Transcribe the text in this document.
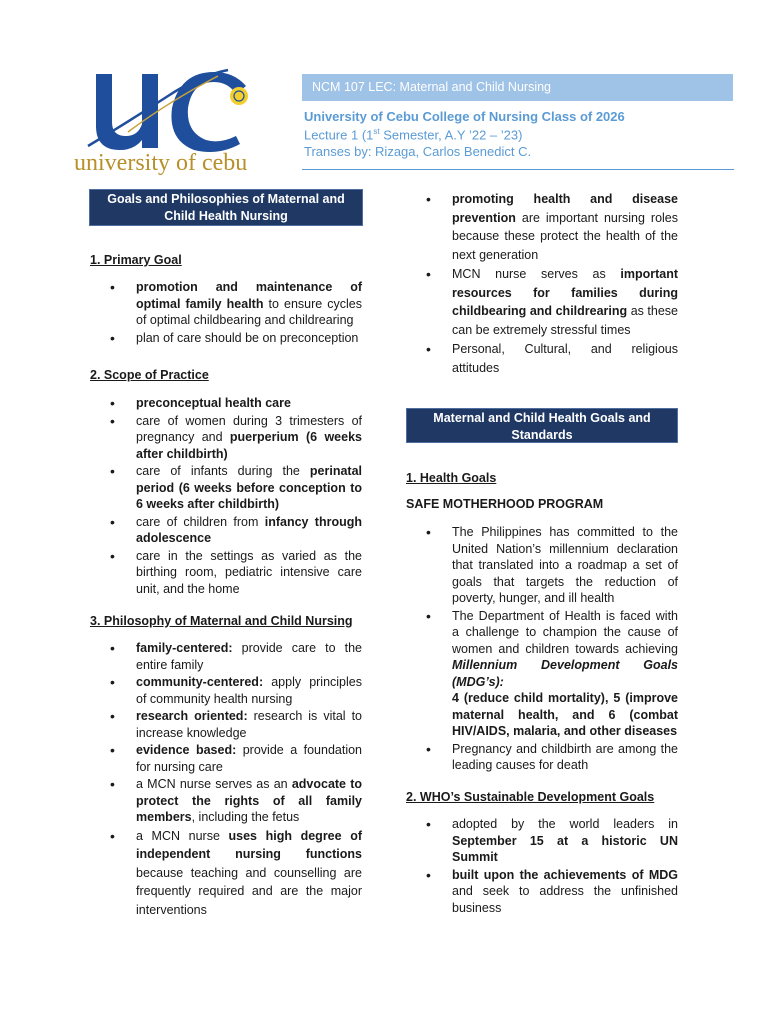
university of cebu
NCM 107 LEC: Maternal and Child Nursing
University of Cebu College of Nursing Class of 2026
Lecture 1 (1st Semester, A.Y ’22 – ’23)
Transes by: Rizaga, Carlos Benedict C.
Goals and Philosophies of Maternal and Child Health Nursing
1. Primary Goal
• promotion and maintenance of optimal family health to ensure cycles of optimal childbearing and childrearing
• plan of care should be on preconception
2. Scope of Practice
• preconceptual health care
• care of women during 3 trimesters of pregnancy and puerperium (6 weeks after childbirth)
• care of infants during the perinatal period (6 weeks before conception to 6 weeks after childbirth)
• care of children from infancy through adolescence
• care in the settings as varied as the birthing room, pediatric intensive care unit, and the home
3. Philosophy of Maternal and Child Nursing
• family-centered: provide care to the entire family
• community-centered: apply principles of community health nursing
• research oriented: research is vital to increase knowledge
• evidence based: provide a foundation for nursing care
• a MCN nurse serves as an advocate to protect the rights of all family members, including the fetus
• a MCN nurse uses high degree of independent nursing functions because teaching and counselling are frequently required and are the major interventions
• promoting health and disease prevention are important nursing roles because these protect the health of the next generation
• MCN nurse serves as important resources for families during childbearing and childrearing as these can be extremely stressful times
• Personal, Cultural, and religious attitudes
Maternal and Child Health Goals and Standards
1. Health Goals
SAFE MOTHERHOOD PROGRAM
• The Philippines has committed to the United Nation’s millennium declaration that translated into a roadmap a set of goals that targets the reduction of poverty, hunger, and ill health
• The Department of Health is faced with a challenge to champion the cause of women and children towards achieving Millennium Development Goals (MDG’s):
4 (reduce child mortality), 5 (improve maternal health, and 6 (combat HIV/AIDS, malaria, and other diseases
• Pregnancy and childbirth are among the leading causes for death
2. WHO’s Sustainable Development Goals
• adopted by the world leaders in September 15 at a historic UN Summit
• built upon the achievements of MDG and seek to address the unfinished business
